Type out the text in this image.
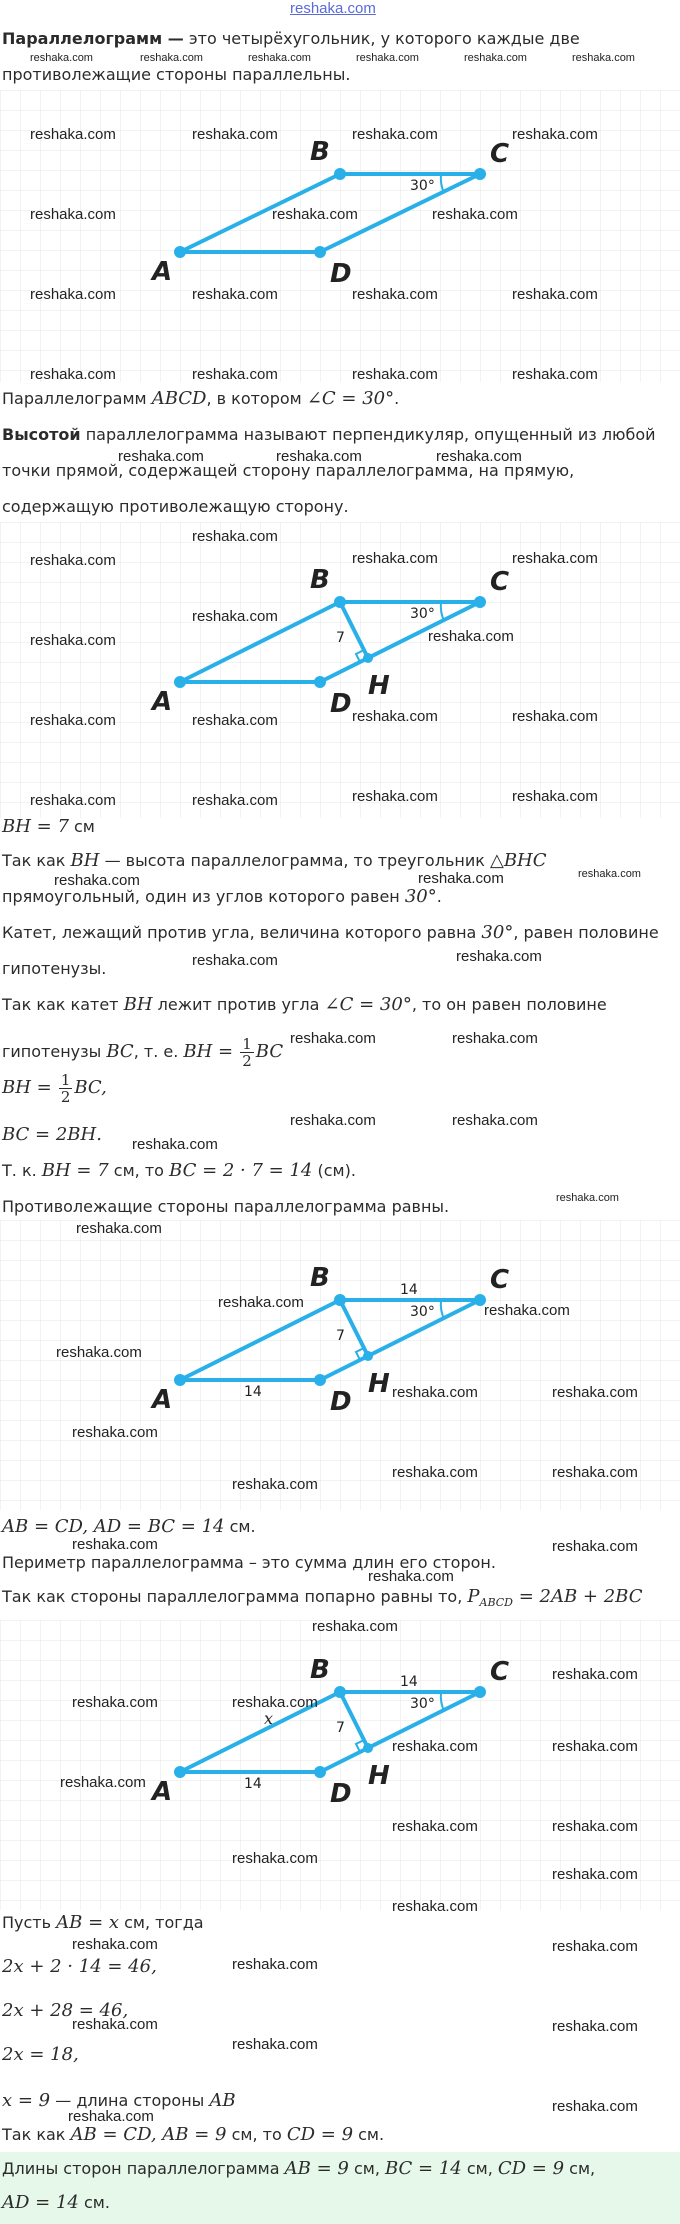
reshaka.com
Параллелограмм — это четырёхугольник, у которого каждые две
противолежащие стороны параллельны.
reshaka.com	reshaka.com	reshaka.com	reshaka.com	reshaka.com	reshaka.com
A
B	C
D
30°
reshaka.com	reshaka.com	reshaka.com	reshaka.com
reshaka.com	reshaka.com	reshaka.com
reshaka.com	reshaka.com	reshaka.com	reshaka.com
reshaka.com	reshaka.com	reshaka.com	reshaka.com
Параллелограмм ABCD, в котором ∠C = 30°.
Высотой параллелограмма называют перпендикуляр, опущенный из любой
точки прямой, содержащей сторону параллелограмма, на прямую,
содержащую противолежащую сторону.
reshaka.com	reshaka.com	reshaka.com
A
B	C
D
H
30°
7
reshaka.com
reshaka.com	reshaka.com	reshaka.com
reshaka.com
reshaka.com
reshaka.com
reshaka.com	reshaka.com	reshaka.com	reshaka.com
reshaka.com	reshaka.com	reshaka.com	reshaka.com
BH = 7 см
Так как BH — высота параллелограмма, то треугольник △BHC
прямоугольный, один из углов которого равен 30°.
reshaka.com	reshaka.com	reshaka.com
Катет, лежащий против угла, величина которого равна 30°, равен половине
гипотенузы.	reshaka.com	reshaka.com
Так как катет BH лежит против угла ∠C = 30°, то он равен половине
гипотенузы BC, т. е. BH = $\frac{1}{2}$ BC
reshaka.com	reshaka.com
BH = $\frac{1}{2}$ BC,
BC = 2BH.
reshaka.com	reshaka.com
reshaka.com
Т. к. BH = 7 см, то BC = 2 · 7 = 14 (см).
Противолежащие стороны параллелограмма равны.	reshaka.com
A
B	C
D
H
30°
7
14
14
reshaka.com
reshaka.com	reshaka.com
reshaka.com
reshaka.com	reshaka.com
reshaka.com
reshaka.com	reshaka.com
reshaka.com
AB = CD, AD = BC = 14 см.
reshaka.com	reshaka.com
Периметр параллелограмма – это сумма длин его сторон.
reshaka.com
Так как стороны параллелограмма попарно равны то, $P_{ABCD} = 2AB + 2BC$
A
B	C
D
H
30°
7
14
14
x
reshaka.com
reshaka.com	reshaka.com
reshaka.com
reshaka.com	reshaka.com
reshaka.com
reshaka.com	reshaka.com
reshaka.com
reshaka.com
reshaka.com
Пусть AB = x см, тогда
reshaka.com	reshaka.com
2x + 2 · 14 = 46,	reshaka.com
2x + 28 = 46,
reshaka.com	reshaka.com
2x = 18,	reshaka.com
x = 9 — длина стороны AB	reshaka.com
reshaka.com
Так как AB = CD, AB = 9 см, то CD = 9 см.
Длины сторон параллелограмма AB = 9 см, BC = 14 см, CD = 9 см,
AD = 14 см.
